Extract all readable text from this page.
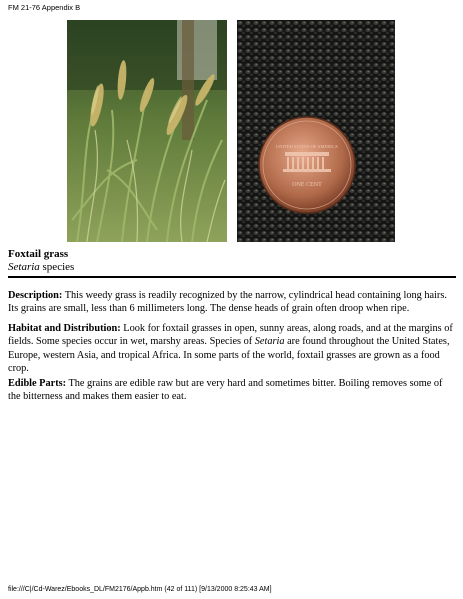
FM 21-76 Appendix B
UNITED STATES OF AMERICA
ONE CENT
Foxtail grass
Setaria species
Description: This weedy grass is readily recognized by the narrow, cylindrical head containing long hairs. Its grains are small, less than 6 millimeters long. The dense heads of grain often droop when ripe.
Habitat and Distribution: Look for foxtail grasses in open, sunny areas, along roads, and at the margins of fields. Some species occur in wet, marshy areas. Species of Setaria are found throughout the United States, Europe, western Asia, and tropical Africa. In some parts of the world, foxtail grasses are grown as a food crop.
Edible Parts: The grains are edible raw but are very hard and sometimes bitter. Boiling removes some of the bitterness and makes them easier to eat.
file:///C|/Cd-Warez/Ebooks_DL/FM2176/Appb.htm (42 of 111) [9/13/2000 8:25:43 AM]
